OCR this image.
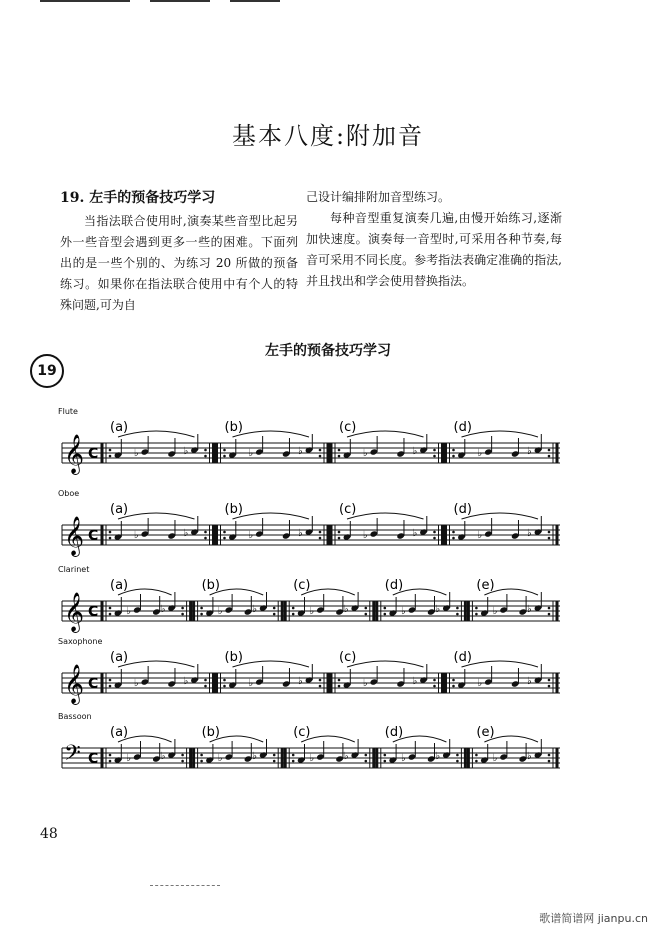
基本八度:附加音

19. 左手的预备技巧学习

当指法联合使用时,演奏某些音型比起另外一些音型会遇到更多一些的困难。下面列出的是一些个别的、为练习 20 所做的预备练习。如果你在指法联合使用中有个人的特殊问题,可为自

己设计编排附加音型练习。

每种音型重复演奏几遍,由慢开始练习,逐渐加快速度。演奏每一音型时,可采用各种节奏,每音可采用不同长度。参考指法表确定准确的指法,并且找出和学会使用替换指法。

左手的预备技巧学习
19
Flute
𝄞 C
(a)
♭	♭
(b)
♭	♭
(c)
♭	♭
(d)
♭	♭
Oboe
𝄞 C
(a)
♭	♭
(b)
♭	♭
(c)
♭	♭
(d)
♭	♭
Clarinet
𝄞 C
(a)
♭	♭
(b)
♭	♭
(c)
♭	♭
(d)
♭	♭
(e)
♭	♭
Saxophone
𝄞 C
(a)
♭	♭
(b)
♭	♭
(c)
♭	♭
(d)
♭	♭
Bassoon
𝄢 C
(a)
♭	♭
(b)
♭	♭
(c)
♭	♭
(d)
♭	♭
(e)
♭	♭
48
歌谱简谱网 jianpu.cn
